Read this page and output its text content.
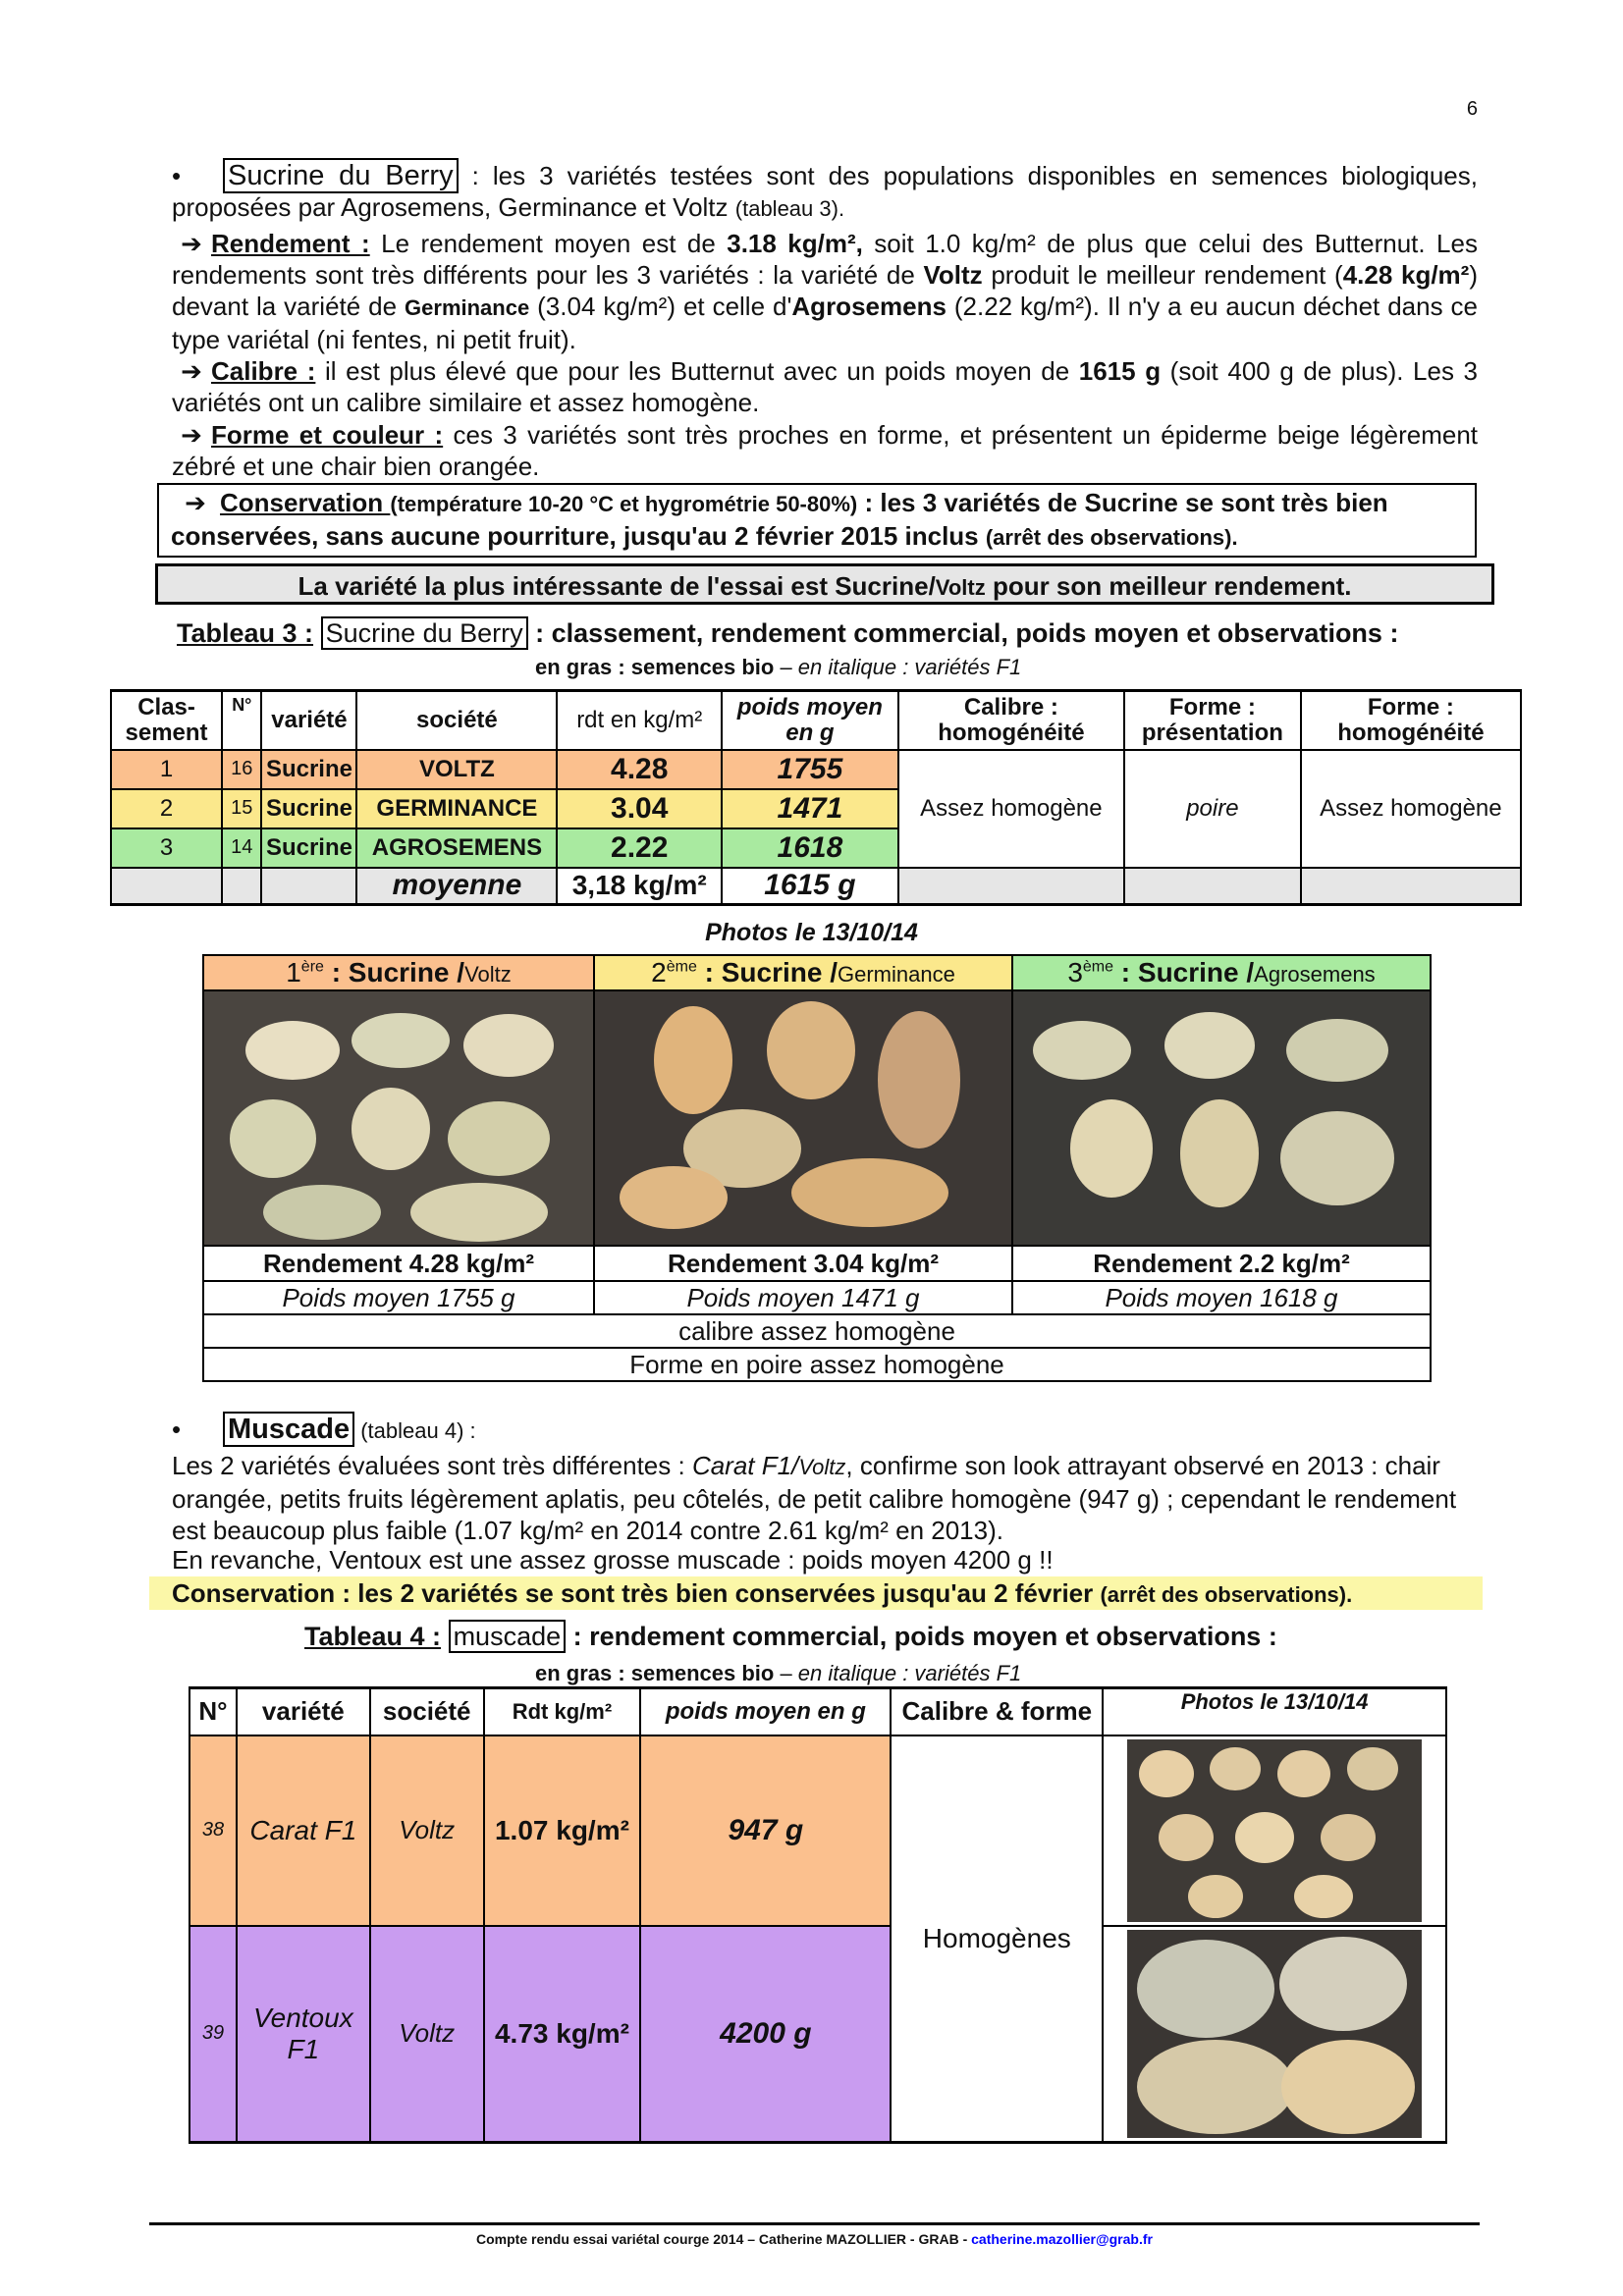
6
• Sucrine du Berry : les 3 variétés testées sont des populations disponibles en semences biologiques, proposées par Agrosemens, Germinance et Voltz (tableau 3).
➔ Rendement : Le rendement moyen est de 3.18 kg/m², soit 1.0 kg/m² de plus que celui des Butternut. Les rendements sont très différents pour les 3 variétés : la variété de Voltz produit le meilleur rendement (4.28 kg/m²) devant la variété de Germinance (3.04 kg/m²) et celle d'Agrosemens (2.22 kg/m²). Il n'y a eu aucun déchet dans ce type variétal (ni fentes, ni petit fruit).
➔ Calibre : il est plus élevé que pour les Butternut avec un poids moyen de 1615 g (soit 400 g de plus). Les 3 variétés ont un calibre similaire et assez homogène.
➔ Forme et couleur : ces 3 variétés sont très proches en forme, et présentent un épiderme beige légèrement zébré et une chair bien orangée.
➔ Conservation (température 10-20 °C et hygrométrie 50-80%) : les 3 variétés de Sucrine se sont très bien conservées, sans aucune pourriture, jusqu'au 2 février 2015 inclus (arrêt des observations).
La variété la plus intéressante de l'essai est Sucrine/Voltz pour son meilleur rendement.
Tableau 3 : Sucrine du Berry : classement, rendement commercial, poids moyen et observations :
en gras : semences bio – en italique : variétés F1
Clas-sement	N°	variété	société	rdt en kg/m²	poids moyen en g	Calibre : homogénéité	Forme : présentation	Forme : homogénéité
1	16	Sucrine	VOLTZ	4.28	1755	Assez homogène	poire	Assez homogène
2	15	Sucrine	GERMINANCE	3.04	1471			
3	14	Sucrine	AGROSEMENS	2.22	1618			
			moyenne	3,18 kg/m²	1615 g			
Photos le 13/10/14
1ère : Sucrine /Voltz	2ème : Sucrine /Germinance	3ème : Sucrine /Agrosemens

Rendement 4.28 kg/m²	Rendement 3.04 kg/m²	Rendement 2.2 kg/m²
Poids moyen 1755 g	Poids moyen 1471 g	Poids moyen 1618 g
calibre assez homogène		
Forme en poire assez homogène		
• Muscade (tableau 4) :
Les 2 variétés évaluées sont très différentes : Carat F1/Voltz, confirme son look attrayant observé en 2013 : chair orangée, petits fruits légèrement aplatis, peu côtelés, de petit calibre homogène (947 g) ; cependant le rendement est beaucoup plus faible (1.07 kg/m² en 2014 contre 2.61 kg/m² en 2013).
En revanche, Ventoux est une assez grosse muscade : poids moyen 4200 g !!
Conservation : les 2 variétés se sont très bien conservées jusqu'au 2 février (arrêt des observations).
Tableau 4 : muscade : rendement commercial, poids moyen et observations :
en gras : semences bio – en italique : variétés F1
N°	variété	société	Rdt kg/m²	poids moyen en g	Calibre & forme	Photos le 13/10/14
38	Carat F1	Voltz	1.07 kg/m²	947 g	Homogènes	

39	Ventoux F1	Voltz	4.73 kg/m²	4200 g	
Compte rendu essai variétal courge 2014 – Catherine MAZOLLIER - GRAB - catherine.mazollier@grab.fr
